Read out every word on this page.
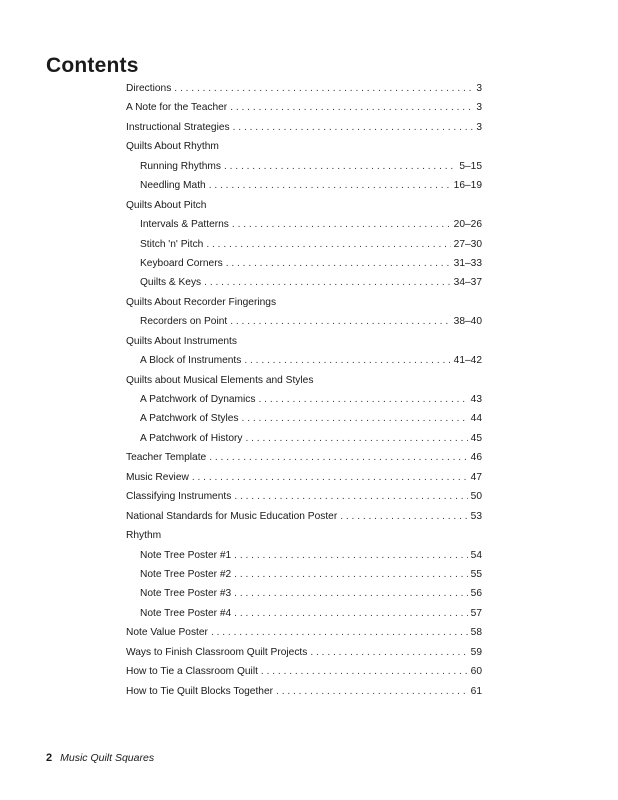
Contents
Directions . . .	3
A Note for the Teacher . . .	3
Instructional Strategies . . .	3
Quilts About Rhythm
Running Rhythms . . .	5–15
Needling Math . . .	16–19
Quilts About Pitch
Intervals & Patterns . . .	20–26
Stitch 'n' Pitch . . .	27–30
Keyboard Corners . . .	31–33
Quilts & Keys . . .	34–37
Quilts About Recorder Fingerings
Recorders on Point . . .	38–40
Quilts About Instruments
A Block of Instruments . . .	41–42
Quilts about Musical Elements and Styles
A Patchwork of Dynamics . . .	43
A Patchwork of Styles . . .	44
A Patchwork of History . . .	45
Teacher Template . . .	46
Music Review . . .	47
Classifying Instruments . . .	50
National Standards for Music Education Poster . . .	53
Rhythm
Note Tree Poster #1 . . .	54
Note Tree Poster #2 . . .	55
Note Tree Poster #3 . . .	56
Note Tree Poster #4 . . .	57
Note Value Poster . . .	58
Ways to Finish Classroom Quilt Projects . . .	59
How to Tie a Classroom Quilt . . .	60
How to Tie Quilt Blocks Together . . .	61
2 Music Quilt Squares
